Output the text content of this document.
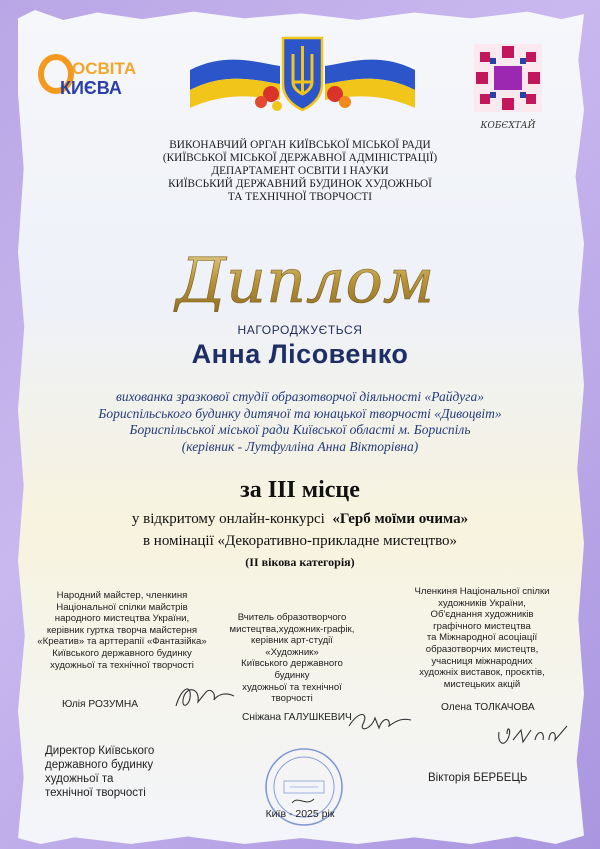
ОСВІТА
КИЄВА
КОБЄХТАЙ
ВИКОНАВЧИЙ ОРГАН КИЇВСЬКОЇ МІСЬКОЇ РАДИ
(КИЇВСЬКОЇ МІСЬКОЇ ДЕРЖАВНОЇ АДМІНІСТРАЦІЇ)
ДЕПАРТАМЕНТ ОСВІТИ І НАУКИ
КИЇВСЬКИЙ ДЕРЖАВНИЙ БУДИНОК ХУДОЖНЬОЇ
ТА ТЕХНІЧНОЇ ТВОРЧОСТІ
Диплом
НАГОРОДЖУЄТЬСЯ
Анна Лісовенко
вихованка зразкової студії образотворчої діяльності «Райдуга»
Бориспільського будинку дитячої та юнацької творчості «Дивоцвіт»
Бориспільської міської ради Київської області м. Бориспіль
(керівник - Лутфулліна Анна Вікторівна)
за ІІІ місце
у відкритому онлайн-конкурсі «Герб моїми очима»
в номінації «Декоративно-прикладне мистецтво»
(ІІ вікова категорія)
Народний майстер, членкиня
Національної спілки майстрів
народного мистецтва України,
керівник гуртка творча майстерня
«Креатив» та арттерапії «Фантазійка»
Київського державного будинку
художньої та технічної творчості
Вчитель образотворчого
мистецтва,художник-графік,
керівник арт-студії
«Художник»
Київського державного
будинку
художньої та технічної
творчості
Членкиня Національної спілки
художників України,
Об'єднання художників
графічного мистецтва
та Міжнародної асоціації
образотворчих мистецтв,
учасниця міжнародних
художніх виставок, проєктів,
мистецьких акцій
Юлія РОЗУМНА
Сніжана ГАЛУШКЕВИЧ
Олена ТОЛКАЧОВА
Директор Київського
державного будинку
художньої та
технічної творчості
Вікторія БЕРБЕЦЬ
Київ - 2025 рік
